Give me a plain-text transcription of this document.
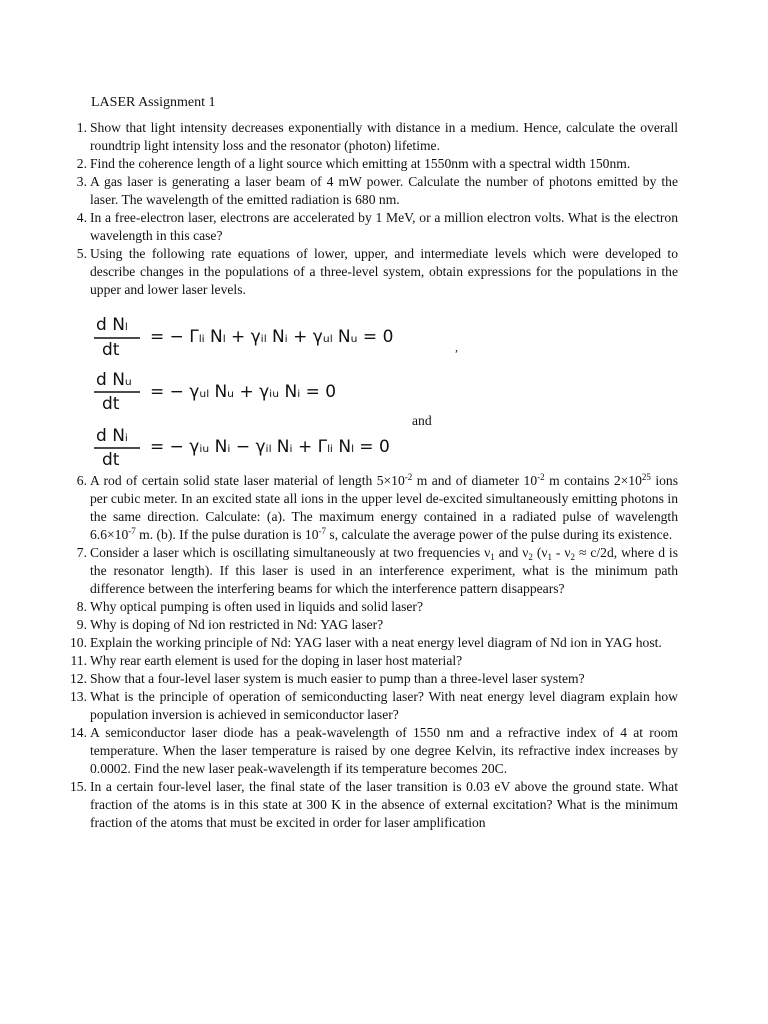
LASER Assignment 1
1. Show that light intensity decreases exponentially with distance in a medium. Hence, calculate the overall roundtrip light intensity loss and the resonator (photon) lifetime.
2. Find the coherence length of a light source which emitting at 1550nm with a spectral width 150nm.
3. A gas laser is generating a laser beam of 4 mW power. Calculate the number of photons emitted by the laser. The wavelength of the emitted radiation is 680 nm.
4. In a free-electron laser, electrons are accelerated by 1 MeV, or a million electron volts. What is the electron wavelength in this case?
5. Using the following rate equations of lower, upper, and intermediate levels which were developed to describe changes in the populations of a three-level system, obtain expressions for the populations in the upper and lower laser levels.
d Nₗ
dt
= − Γₗᵢ Nₗ + γᵢₗ Nᵢ + γᵤₗ Nᵤ = 0
d Nᵤ
dt
= − γᵤₗ Nᵤ + γᵢᵤ Nᵢ = 0
d Nᵢ
dt
= − γᵢᵤ Nᵢ − γᵢₗ Nᵢ + Γₗᵢ Nₗ = 0
,
and
6. A rod of certain solid state laser material of length $5\times 10^{-2}$ m and of diameter $10^{-2}$ m contains $2\times 10^{25}$ ions per cubic meter. In an excited state all ions in the upper level de-excited simultaneously emitting photons in the same direction. Calculate: (a). The maximum energy contained in a radiated pulse of wavelength $6.6\times 10^{-7}$ m. (b). If the pulse duration is $10^{-7}$ s, calculate the average power of the pulse during its existence.
7. Consider a laser which is oscillating simultaneously at two frequencies $\nu_1$ and $\nu_2$ ($\nu_1 - \nu_2 \approx c/2d$, where d is the resonator length). If this laser is used in an interference experiment, what is the minimum path difference between the interfering beams for which the interference pattern disappears?
8. Why optical pumping is often used in liquids and solid laser?
9. Why is doping of Nd ion restricted in Nd: YAG laser?
10. Explain the working principle of Nd: YAG laser with a neat energy level diagram of Nd ion in YAG host.
11. Why rear earth element is used for the doping in laser host material?
12. Show that a four-level laser system is much easier to pump than a three-level laser system?
13. What is the principle of operation of semiconducting laser? With neat energy level diagram explain how population inversion is achieved in semiconductor laser?
14. A semiconductor laser diode has a peak-wavelength of 1550 nm and a refractive index of 4 at room temperature. When the laser temperature is raised by one degree Kelvin, its refractive index increases by 0.0002. Find the new laser peak-wavelength if its temperature becomes 20C.
15. In a certain four-level laser, the final state of the laser transition is 0.03 eV above the ground state. What fraction of the atoms is in this state at 300 K in the absence of external excitation? What is the minimum fraction of the atoms that must be excited in order for laser amplification
